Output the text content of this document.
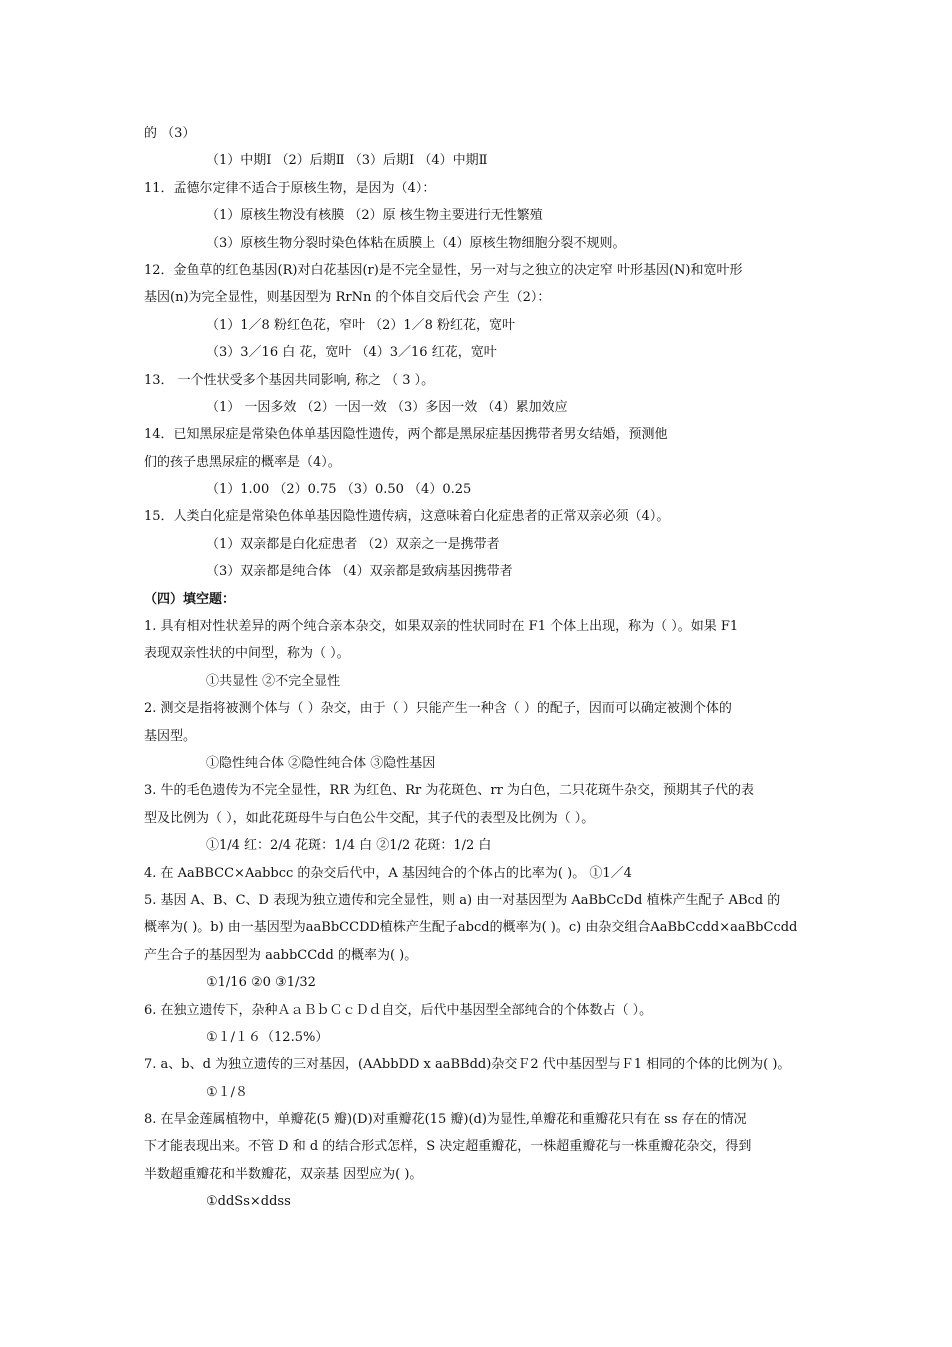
的 （3）
（1）中期Ⅰ （2）后期Ⅱ （3）后期Ⅰ （4）中期Ⅱ
11．孟德尔定律不适合于原核生物，是因为（4）：
（1）原核生物没有核膜 （2）原 核生物主要进行无性繁殖
（3）原核生物分裂时染色体粘在质膜上（4）原核生物细胞分裂不规则。
12．金鱼草的红色基因(R)对白花基因(r)是不完全显性，另一对与之独立的决定窄 叶形基因(N)和宽叶形
基因(n)为完全显性，则基因型为 RrNn 的个体自交后代会 产生（2）：
（1）1／8 粉红色花，窄叶 （2）1／8 粉红花，宽叶
（3）3／16 白 花，宽叶 （4）3／16 红花，宽叶
13． 一个性状受多个基因共同影响, 称之 （ 3 ）。
（1） 一因多效 （2）一因一效 （3）多因一效 （4）累加效应
14．已知黑尿症是常染色体单基因隐性遗传，两个都是黑尿症基因携带者男女结婚，预测他
们的孩子患黑尿症的概率是（4）。
（1）1.00 （2）0.75 （3）0.50 （4）0.25
15．人类白化症是常染色体单基因隐性遗传病，这意味着白化症患者的正常双亲必须（4）。
（1）双亲都是白化症患者 （2）双亲之一是携带者
（3）双亲都是纯合体 （4）双亲都是致病基因携带者
（四）填空题：
1. 具有相对性状差异的两个纯合亲本杂交，如果双亲的性状同时在 F1 个体上出现，称为（ ）。如果 F1
表现双亲性状的中间型，称为（ ）。
①共显性 ②不完全显性
2. 测交是指将被测个体与（ ）杂交，由于（ ）只能产生一种含（ ）的配子，因而可以确定被测个体的
基因型。
①隐性纯合体 ②隐性纯合体 ③隐性基因
3. 牛的毛色遗传为不完全显性，RR 为红色、Rr 为花斑色、rr 为白色，二只花斑牛杂交，预期其子代的表
型及比例为（ ），如此花斑母牛与白色公牛交配，其子代的表型及比例为（ ）。
①1/4 红：2/4 花斑：1/4 白 ②1/2 花斑：1/2 白
4. 在 AaBBCC×Aabbcc 的杂交后代中，A 基因纯合的个体占的比率为( )。 ①1／4
5. 基因 A、B、C、D 表现为独立遗传和完全显性，则 a) 由一对基因型为 AaBbCcDd 植株产生配子 ABcd 的
概率为( )。b) 由一基因型为aaBbCCDD植株产生配子abcd的概率为( )。c) 由杂交组合AaBbCcdd×aaBbCcdd
产生合子的基因型为 aabbCCdd 的概率为( )。
①1/16 ②0 ③1/32
6. 在独立遗传下，杂种ＡａＢｂＣｃＤｄ自交，后代中基因型全部纯合的个体数占（ ）。
①１/１６（12.5%）
7. a、b、d 为独立遗传的三对基因，(AAbbDD x aaBBdd)杂交Ｆ2 代中基因型与Ｆ1 相同的个体的比例为( )。
①１/８
8. 在旱金莲属植物中，单瓣花(5 瓣)(D)对重瓣花(15 瓣)(d)为显性,单瓣花和重瓣花只有在 ss 存在的情况
下才能表现出来。不管 D 和 d 的结合形式怎样，S 决定超重瓣花，一株超重瓣花与一株重瓣花杂交，得到
半数超重瓣花和半数瓣花，双亲基 因型应为( )。
①ddSs×ddss
